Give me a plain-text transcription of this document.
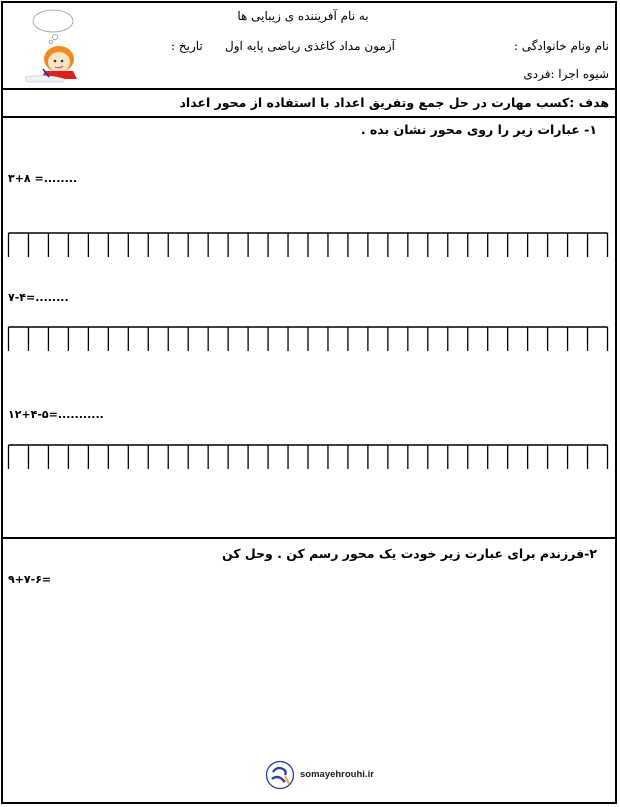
به نام آفریننده ی زیبایی ها
نام ونام خانوادگی :
آزمون مداد کاغذی ریاضی پایه اول
تاریخ :
شیوه اجرا :فردی
هدف :کسب مهارت در حل جمع وتفریق اعداد با استفاده از محور اعداد
۱- عبارات زیر را روی محور نشان بده .
۳+۸ =........
۷-۴=........
۱۲+۴-۵=...........
۲-فرزندم برای عبارت زیر خودت یک محور رسم کن . وحل کن
۹+۷-۶=
somayehrouhi.ir
